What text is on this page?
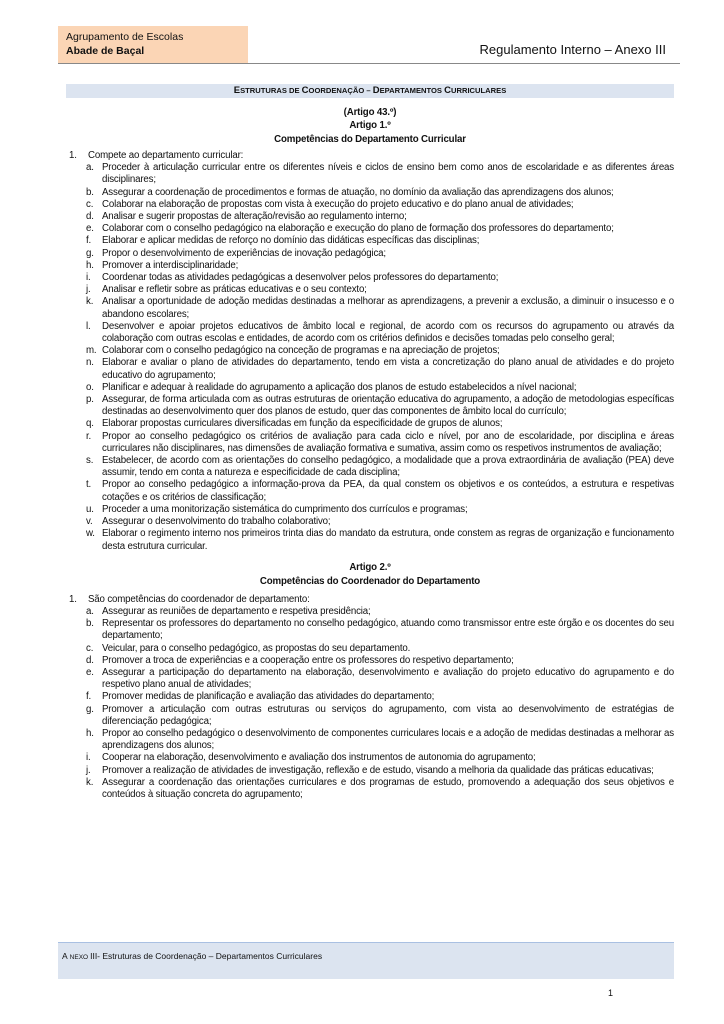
Agrupamento de Escolas
Abade de Baçal	Regulamento Interno – Anexo III
ESTRUTURAS DE COORDENAÇÃO – DEPARTAMENTOS CURRICULARES
(Artigo 43.º)
Artigo 1.º
Competências do Departamento Curricular
1. Compete ao departamento curricular:
a. Proceder à articulação curricular entre os diferentes níveis e ciclos de ensino bem como anos de escolaridade e as diferentes áreas disciplinares;
b. Assegurar a coordenação de procedimentos e formas de atuação, no domínio da avaliação das aprendizagens dos alunos;
c. Colaborar na elaboração de propostas com vista à execução do projeto educativo e do plano anual de atividades;
d. Analisar e sugerir propostas de alteração/revisão ao regulamento interno;
e. Colaborar com o conselho pedagógico na elaboração e execução do plano de formação dos professores do departamento;
f. Elaborar e aplicar medidas de reforço no domínio das didáticas específicas das disciplinas;
g. Propor o desenvolvimento de experiências de inovação pedagógica;
h. Promover a interdisciplinaridade;
i. Coordenar todas as atividades pedagógicas a desenvolver pelos professores do departamento;
j. Analisar e refletir sobre as práticas educativas e o seu contexto;
k. Analisar a oportunidade de adoção medidas destinadas a melhorar as aprendizagens, a prevenir a exclusão, a diminuir o insucesso e o abandono escolares;
l. Desenvolver e apoiar projetos educativos de âmbito local e regional, de acordo com os recursos do agrupamento ou através da colaboração com outras escolas e entidades, de acordo com os critérios definidos e decisões tomadas pelo conselho geral;
m. Colaborar com o conselho pedagógico na conceção de programas e na apreciação de projetos;
n. Elaborar e avaliar o plano de atividades do departamento, tendo em vista a concretização do plano anual de atividades e do projeto educativo do agrupamento;
o. Planificar e adequar à realidade do agrupamento a aplicação dos planos de estudo estabelecidos a nível nacional;
p. Assegurar, de forma articulada com as outras estruturas de orientação educativa do agrupamento, a adoção de metodologias específicas destinadas ao desenvolvimento quer dos planos de estudo, quer das componentes de âmbito local do currículo;
q. Elaborar propostas curriculares diversificadas em função da especificidade de grupos de alunos;
r. Propor ao conselho pedagógico os critérios de avaliação para cada ciclo e nível, por ano de escolaridade, por disciplina e áreas curriculares não disciplinares, nas dimensões de avaliação formativa e sumativa, assim como os respetivos instrumentos de avaliação;
s. Estabelecer, de acordo com as orientações do conselho pedagógico, a modalidade que a prova extraordinária de avaliação (PEA) deve assumir, tendo em conta a natureza e especificidade de cada disciplina;
t. Propor ao conselho pedagógico a informação-prova da PEA, da qual constem os objetivos e os conteúdos, a estrutura e respetivas cotações e os critérios de classificação;
u. Proceder a uma monitorização sistemática do cumprimento dos currículos e programas;
v. Assegurar o desenvolvimento do trabalho colaborativo;
w. Elaborar o regimento interno nos primeiros trinta dias do mandato da estrutura, onde constem as regras de organização e funcionamento desta estrutura curricular.
Artigo 2.º
Competências do Coordenador do Departamento
1. São competências do coordenador de departamento:
a. Assegurar as reuniões de departamento e respetiva presidência;
b. Representar os professores do departamento no conselho pedagógico, atuando como transmissor entre este órgão e os docentes do seu departamento;
c. Veicular, para o conselho pedagógico, as propostas do seu departamento.
d. Promover a troca de experiências e a cooperação entre os professores do respetivo departamento;
e. Assegurar a participação do departamento na elaboração, desenvolvimento e avaliação do projeto educativo do agrupamento e do respetivo plano anual de atividades;
f. Promover medidas de planificação e avaliação das atividades do departamento;
g. Promover a articulação com outras estruturas ou serviços do agrupamento, com vista ao desenvolvimento de estratégias de diferenciação pedagógica;
h. Propor ao conselho pedagógico o desenvolvimento de componentes curriculares locais e a adoção de medidas destinadas a melhorar as aprendizagens dos alunos;
i. Cooperar na elaboração, desenvolvimento e avaliação dos instrumentos de autonomia do agrupamento;
j. Promover a realização de atividades de investigação, reflexão e de estudo, visando a melhoria da qualidade das práticas educativas;
k. Assegurar a coordenação das orientações curriculares e dos programas de estudo, promovendo a adequação dos seus objetivos e conteúdos à situação concreta do agrupamento;
A NEXOIII- Estruturas de Coordenação – Departamentos Curriculares
1
